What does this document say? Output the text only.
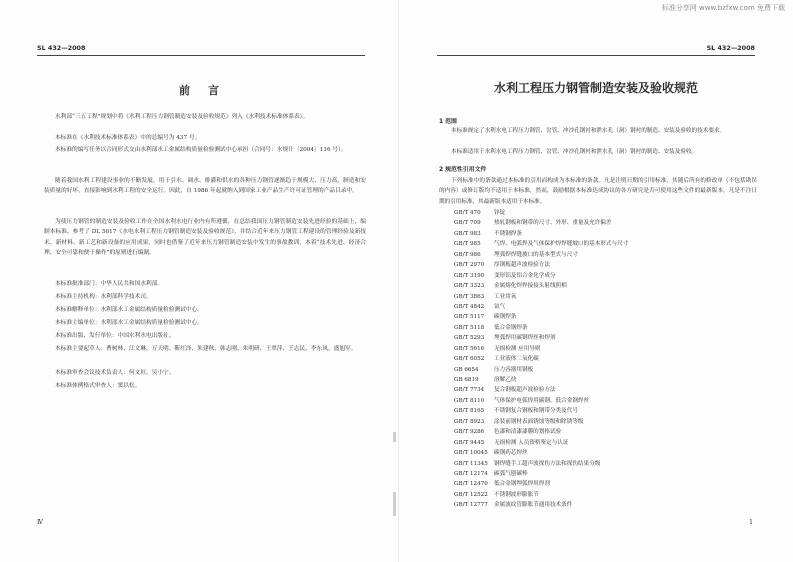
SL 432—2008
前言
水利部“三五工程”规划中将《水利工程压力钢管制造安装及验收规范》列入《水利技术标准体系表》。
本标准在《水利技术标准体系表》中的总编号为 437 号。
本标准的编写任务以合同形式交由水利部水工金属结构质量检验测试中心承担（合同号：水规计〔2004〕116 号）。
随着我国水利工程建设事业的不断发展，用于引水、调水、排灌和供水的各种压力钢管逐渐趋于规模大、压力高，制造和安装质量的好坏，直接影响到水利工程的安全运行。因此，自 1986 年起就纳入到国家工业产品生产许可证管理的产品目录中。
为使压力钢管的制造安装及验收工作在全国水利水电行业内有所遵循，在总结我国压力钢管制造安装先进经验的基础上，编制本标准，参考了 DL 5017《水电水利工程压力钢管制造安装及验收规范》，并结合近年来压力钢管工程建设的管理经验及新技术、新材料、新工艺和新设备的应用成果，同时也借鉴了近年来压力钢管制造安装中发生的事故教训，本着“技术先进、经济合理、安全可靠和便于操作”的原则进行编制。
本标准批准部门：中华人民共和国水利部。
本标准主持机构：水利部科学技术司。
本标准解释单位：水利部水工金属结构质量检验测试中心。
本标准主编单位：水利部水工金属结构质量检验测试中心。
本标准出版、发行单位：中国水利水电出版社。
本标准主要起草人：曹树林、江文琳、万天明、靳红泽、朱建秋、韩志刚、朱明研、王翠萍、王志民、李东风、盛旭军。
本标准审查会议技术负责人：何文垣、吴小宁。
本标准体例格式审查人：窦以松。
Ⅳ
标准分享网 www.bzfxw.com 免费下载
SL 432—2008
水利工程压力钢管制造安装及验收规范
1 范围
本标准规定了水利水电工程压力钢管、岔管、冲沙孔钢衬和泄水孔（洞）钢衬的制造、安装及验收的技术要求。
本标准适用于水利水电工程压力钢管、岔管、冲沙孔钢衬和泄水孔（洞）钢衬的制造、安装及验收。
2 规范性引用文件
下列标准中的条款通过本标准的引用而构成为本标准的条款。凡是注明日期的引用标准，其随后所有的修改单（不包括勘误的内容）或修订版均不适用于本标准，然而，鼓励根据本标准达成协议的各方研究是否可使用这些文件的最新版本。凡是不注日期的引用标准，其最新版本适用于本标准。
GB/T 470 锌锭
GB/T 709 热轧钢板和钢带的尺寸、外形、重量及允许偏差
GB/T 983 不锈钢焊条
GB/T 985 气焊、电弧焊及气体保护焊焊缝坡口的基本形式与尺寸
GB/T 986 埋弧焊焊缝坡口的基本型式与尺寸
GB/T 2970 厚钢板超声波检验方法
GB/T 3190 变形铝及铝合金化学成分
GB/T 3323 金属熔化焊焊接接头射线照相
GB/T 3863 工业用氧
GB/T 4842 氩气
GB/T 5117 碳钢焊条
GB/T 5118 低合金钢焊条
GB/T 5293 埋弧焊用碳钢焊丝和焊剂
GB/T 5616 无损检测 应用导则
GB/T 6052 工业液体二氧化碳
GB 6654	压力容器用钢板
GB 6819	溶解乙炔
GB/T 7734 复合钢板超声波检验方法
GB/T 8110 气体保护电弧焊用碳钢、低合金钢焊丝
GB/T 8165 不锈钢复合钢板和钢带分类及代号
GB/T 8923 涂装前钢材表面锈蚀等级和除锈等级
GB/T 9286 色漆和清漆漆膜的划格试验
GB/T 9445 无损检测 人员资格鉴定与认证
GB/T 10045 碳钢药芯焊丝
GB/T 11345 钢焊缝手工超声波探伤方法和探伤结果分级
GB/T 12174 碳弧气刨碳棒
GB/T 12470 低合金钢埋弧焊用焊剂
GB/T 12522 不锈钢波形膨胀节
GB/T 12777 金属波纹管膨胀节通用技术条件
1
